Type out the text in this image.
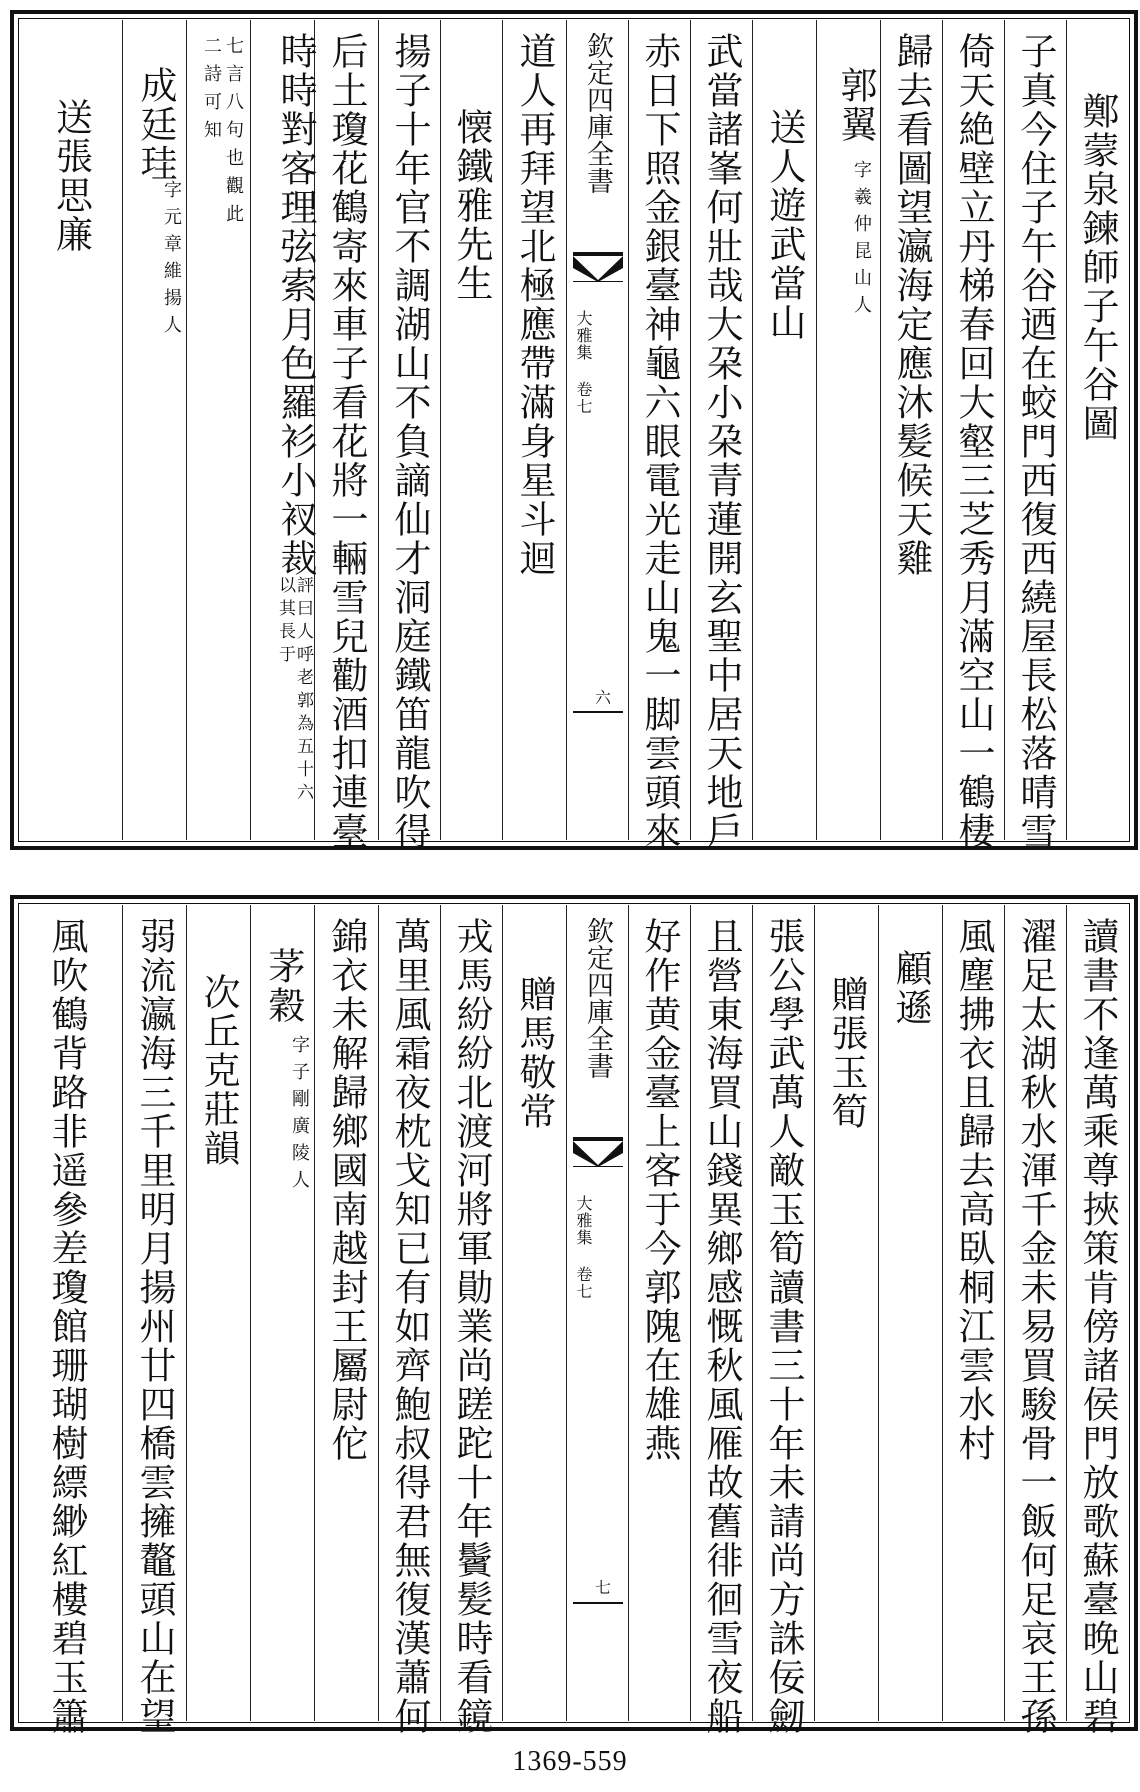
鄭蒙泉鍊師子午谷圖
子真今住子午谷迺在蛟門西復西繞屋長松落晴雪
倚天絶壁立丹梯春回大壑三芝秀月滿空山一鶴棲
歸去看圖望瀛海定應沐髪候天雞
郭翼
字羲仲昆山人
送人遊武當山
武當諸峯何壯哉大朶小朶青蓮開玄聖中居天地戶
赤日下照金銀臺神龜六眼電光走山鬼一脚雲頭來
欽定四庫全書
大雅集 卷七
六
道人再拜望北極應帶滿身星斗迴
懐鐵雅先生
揚子十年官不調湖山不負謫仙才洞庭鐵笛龍吹得
后土瓊花鶴寄來車子看花將一輛雪兒勸酒扣連臺
時時對客理弦索月色羅衫小衩裁
評曰人呼老郭為五十六以其長于
七言八句也觀此二詩可知
成廷珪
字元章維揚人
送張思廉
讀書不逢萬乘尊挾策肯傍諸侯門放歌蘇臺晚山碧
濯足太湖秋水渾千金未易買駿骨一飯何足哀王孫
風塵拂衣且歸去高臥桐江雲水村
顧遜
贈張玉筍
張公學武萬人敵玉筍讀書三十年未請尚方誅佞劒
且營東海買山錢異鄉感慨秋風雁故舊徘徊雪夜船
好作黄金臺上客于今郭隗在雄燕
欽定四庫全書
大雅集 卷七
七
贈馬敬常
戎馬紛紛北渡河將軍勛業尚蹉跎十年鬢髪時看鏡
萬里風霜夜枕戈知已有如齊鮑叔得君無復漢蕭何
錦衣未解歸鄉國南越封王屬尉佗
茅穀
字子剛廣陵人
次丘克莊韻
弱流瀛海三千里明月揚州廿四橋雲擁鼇頭山在望
風吹鶴背路非遥參差瓊館珊瑚樹縹緲紅樓碧玉簫
1369-559
